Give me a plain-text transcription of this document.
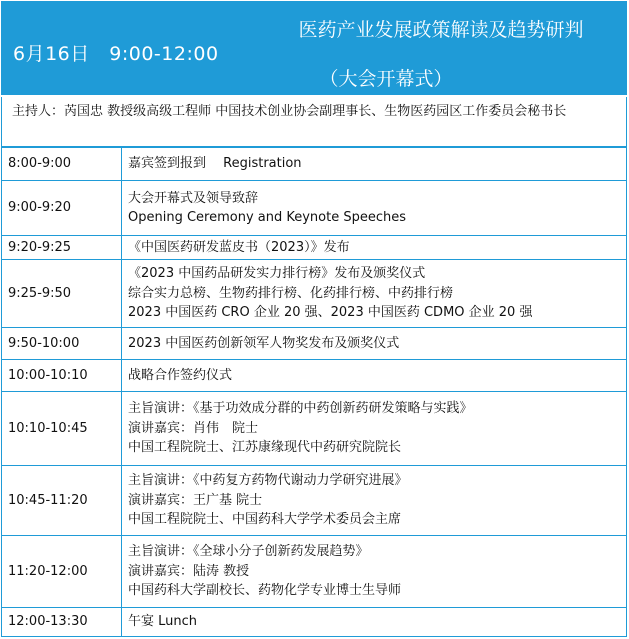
6月16日　9:00-12:00
医药产业发展政策解读及趋势研判
（大会开幕式）
主持人：芮国忠 教授级高级工程师 中国技术创业协会副理事长、生物医药园区工作委员会秘书长
8:00-9:00	嘉宾签到报到　 Registration

9:00-9:20	大会开幕式及领导致辞
Opening Ceremony and Keynote Speeches

9:20-9:25	《中国医药研发蓝皮书（2023）》发布

9:25-9:50	《2023 中国药品研发实力排行榜》发布及颁奖仪式
综合实力总榜、生物药排行榜、化药排行榜、中药排行榜
2023 中国医药 CRO 企业 20 强、2023 中国医药 CDMO 企业 20 强

9:50-10:00	2023 中国医药创新领军人物奖发布及颁奖仪式

10:00-10:10	战略合作签约仪式

10:10-10:45	主旨演讲：《基于功效成分群的中药创新药研发策略与实践》
演讲嘉宾：肖伟　院士
中国工程院院士、江苏康缘现代中药研究院院长

10:45-11:20	主旨演讲：《中药复方药物代谢动力学研究进展》
演讲嘉宾：王广基 院士
中国工程院院士、中国药科大学学术委员会主席

11:20-12:00	主旨演讲：《全球小分子创新药发展趋势》
演讲嘉宾：陆涛 教授
中国药科大学副校长、药物化学专业博士生导师

12:00-13:30	午宴 Lunch
